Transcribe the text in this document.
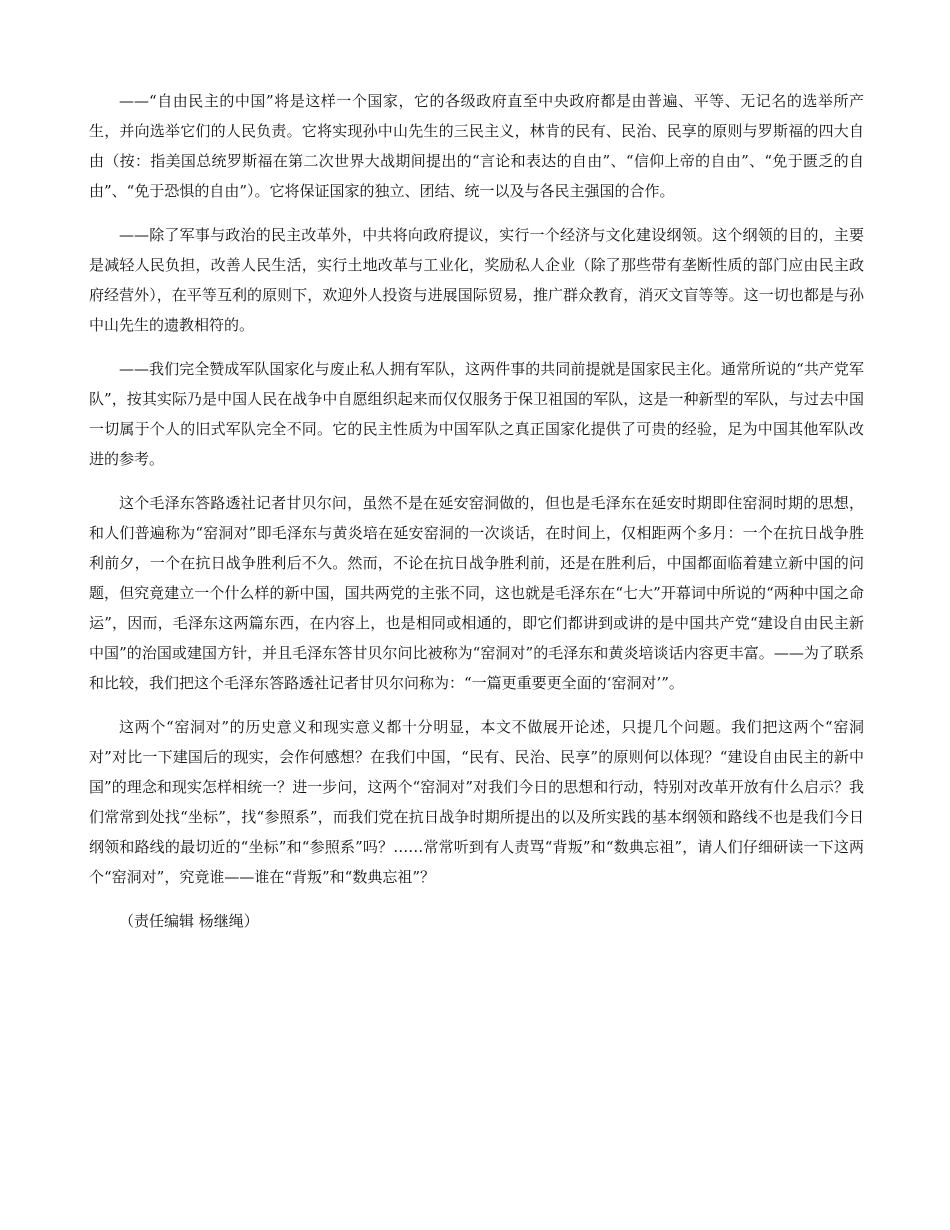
——“自由民主的中国”将是这样一个国家，它的各级政府直至中央政府都是由普遍、平等、无记名的选举所产生，并向选举它们的人民负责。它将实现孙中山先生的三民主义，林肯的民有、民治、民享的原则与罗斯福的四大自由（按：指美国总统罗斯福在第二次世界大战期间提出的“言论和表达的自由”、“信仰上帝的自由”、“免于匮乏的自由”、“免于恐惧的自由”）。它将保证国家的独立、团结、统一以及与各民主强国的合作。

——除了军事与政治的民主改革外，中共将向政府提议，实行一个经济与文化建设纲领。这个纲领的目的，主要是减轻人民负担，改善人民生活，实行土地改革与工业化，奖励私人企业（除了那些带有垄断性质的部门应由民主政府经营外），在平等互利的原则下，欢迎外人投资与进展国际贸易，推广群众教育，消灭文盲等等。这一切也都是与孙中山先生的遗教相符的。

——我们完全赞成军队国家化与废止私人拥有军队，这两件事的共同前提就是国家民主化。通常所说的“共产党军队”，按其实际乃是中国人民在战争中自愿组织起来而仅仅服务于保卫祖国的军队，这是一种新型的军队，与过去中国一切属于个人的旧式军队完全不同。它的民主性质为中国军队之真正国家化提供了可贵的经验，足为中国其他军队改进的参考。

这个毛泽东答路透社记者甘贝尔问，虽然不是在延安窑洞做的，但也是毛泽东在延安时期即住窑洞时期的思想，和人们普遍称为“窑洞对”即毛泽东与黄炎培在延安窑洞的一次谈话，在时间上，仅相距两个多月：一个在抗日战争胜利前夕，一个在抗日战争胜利后不久。然而，不论在抗日战争胜利前，还是在胜利后，中国都面临着建立新中国的问题，但究竟建立一个什么样的新中国，国共两党的主张不同，这也就是毛泽东在“七大”开幕词中所说的“两种中国之命运”，因而，毛泽东这两篇东西，在内容上，也是相同或相通的，即它们都讲到或讲的是中国共产党“建设自由民主新中国”的治国或建国方针，并且毛泽东答甘贝尔问比被称为“窑洞对”的毛泽东和黄炎培谈话内容更丰富。——为了联系和比较，我们把这个毛泽东答路透社记者甘贝尔问称为：“一篇更重要更全面的‘窑洞对’”。

这两个“窑洞对”的历史意义和现实意义都十分明显，本文不做展开论述，只提几个问题。我们把这两个“窑洞对”对比一下建国后的现实，会作何感想？在我们中国，“民有、民治、民享”的原则何以体现？“建设自由民主的新中国”的理念和现实怎样相统一？进一步问，这两个“窑洞对”对我们今日的思想和行动，特别对改革开放有什么启示？我们常常到处找“坐标”，找“参照系”，而我们党在抗日战争时期所提出的以及所实践的基本纲领和路线不也是我们今日纲领和路线的最切近的“坐标”和“参照系”吗？……常常听到有人责骂“背叛”和“数典忘祖”，请人们仔细研读一下这两个“窑洞对”，究竟谁——谁在“背叛”和“数典忘祖”？

（责任编辑 杨继绳）
